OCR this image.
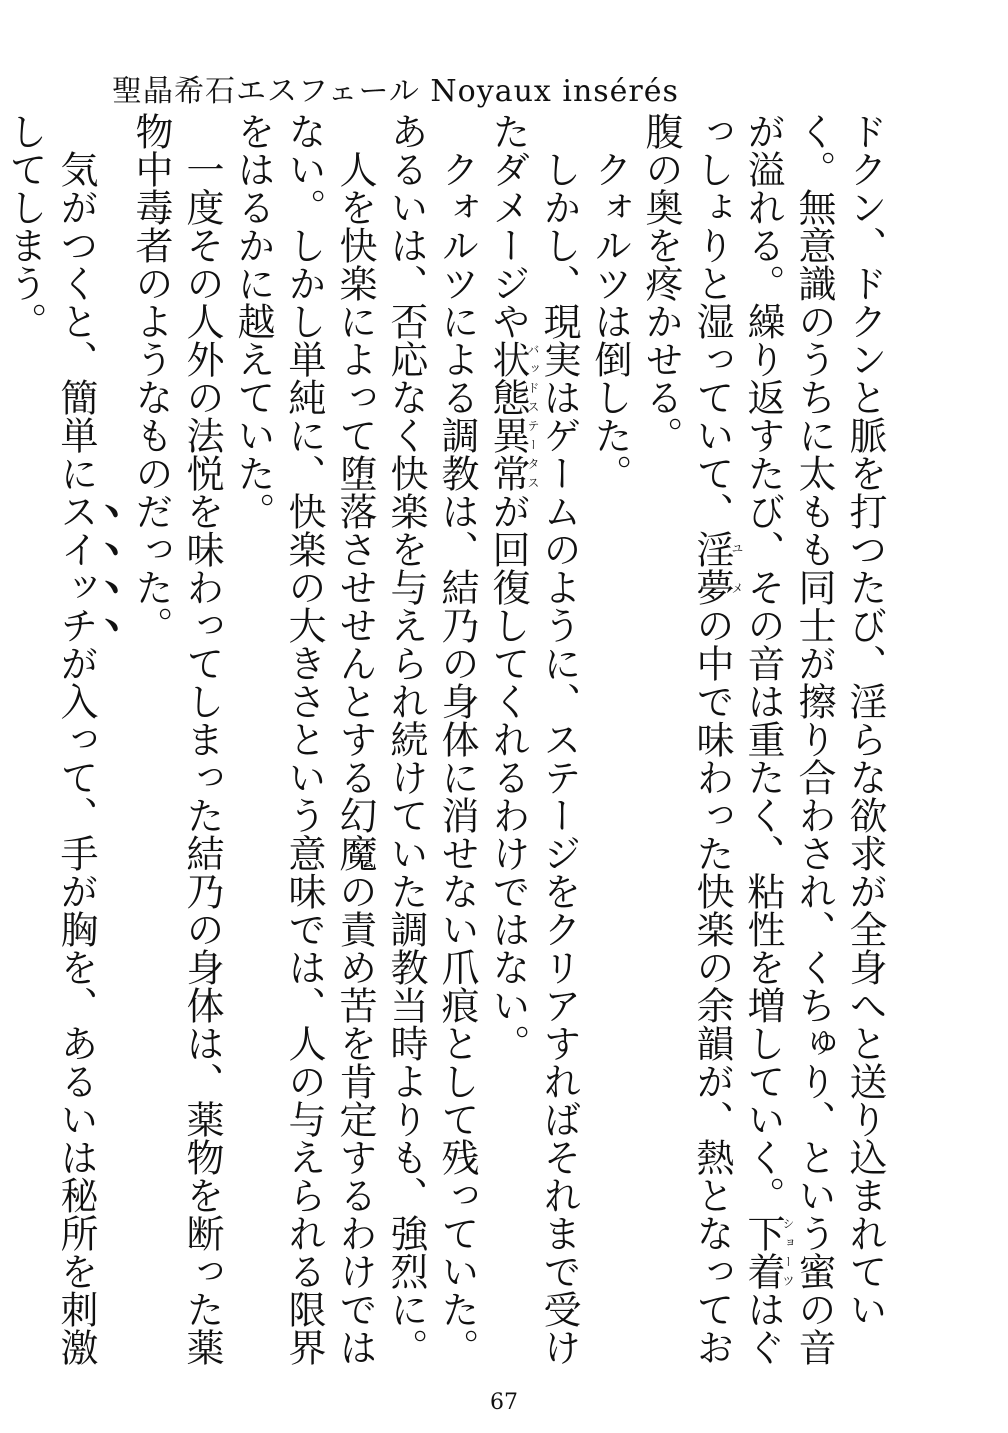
聖晶希石エスフェール Noyaux insérés

ドクン、ドクンと脈を打つたび、淫らな欲求が全身へと送り込まれていく。無意識のうちに太もも同士が擦り合わされ、くちゅり、という蜜の音が溢れる。繰り返すたび、その音は重たく、粘性を増していく。下着ショーツはぐっしょりと湿っていて、淫夢ユメの中で味わった快楽の余韻が、熱となってお腹の奥を疼かせる。

　クォルツは倒した。

　しかし、現実はゲームのように、ステージをクリアすればそれまで受けたダメージや状態異常バッドステータスが回復してくれるわけではない。

　クォルツによる調教は、結乃の身体に消せない爪痕として残っていた。あるいは、否応なく快楽を与えられ続けていた調教当時よりも、強烈に。

　人を快楽によって堕落させせんとする幻魔の責め苦を肯定するわけではない。しかし単純に、快楽の大きさという意味では、人の与えられる限界をはるかに越えていた。

　一度その人外の法悦を味わってしまった結乃の身体は、薬物を断った薬物中毒者のようなものだった。

　気がつくと、簡単にスイッチが入って、手が胸を、あるいは秘所を刺激してしまう。

67
